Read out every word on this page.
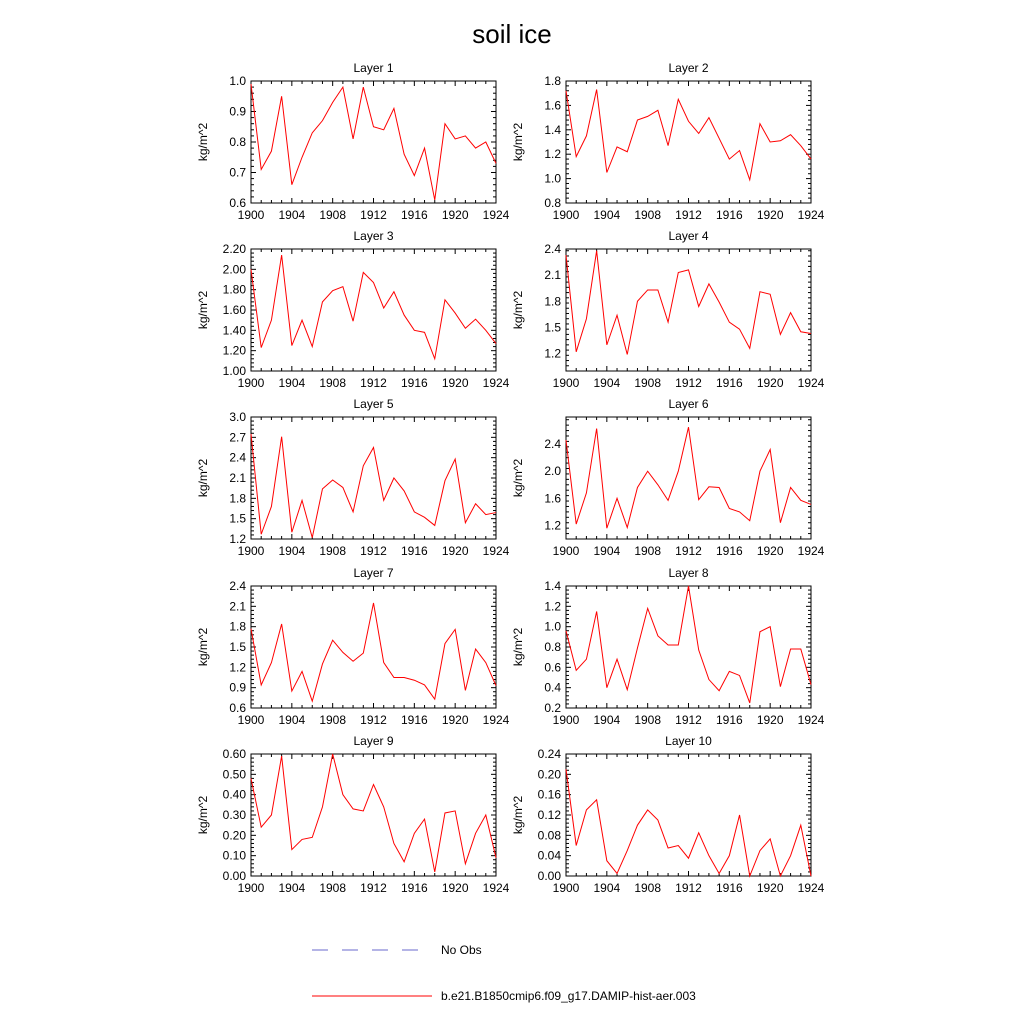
soil ice
Layer 1
1900 1904 1908 1912 1916 1920 1924
0.6
0.7
0.8
0.9
1.0
kg/m^2
Layer 2
1900 1904 1908 1912 1916 1920 1924
0.8
1.0
1.2
1.4
1.6
1.8
kg/m^2
Layer 3
1900 1904 1908 1912 1916 1920 1924
1.00
1.20
1.40
1.60
1.80
2.00
2.20
kg/m^2
Layer 4
1900 1904 1908 1912 1916 1920 1924
1.2
1.5
1.8
2.1
2.4
kg/m^2
Layer 5
1900 1904 1908 1912 1916 1920 1924
1.2
1.5
1.8
2.1
2.4
2.7
3.0
kg/m^2
Layer 6
1900 1904 1908 1912 1916 1920 1924
1.2
1.6
2.0
2.4
kg/m^2
Layer 7
1900 1904 1908 1912 1916 1920 1924
0.6
0.9
1.2
1.5
1.8
2.1
2.4
kg/m^2
Layer 8
1900 1904 1908 1912 1916 1920 1924
0.2
0.4
0.6
0.8
1.0
1.2
1.4
kg/m^2
Layer 9
1900 1904 1908 1912 1916 1920 1924
0.00
0.10
0.20
0.30
0.40
0.50
0.60
kg/m^2
Layer 10
1900 1904 1908 1912 1916 1920 1924
0.00
0.04
0.08
0.12
0.16
0.20
0.24
kg/m^2
No Obs
b.e21.B1850cmip6.f09_g17.DAMIP-hist-aer.003
